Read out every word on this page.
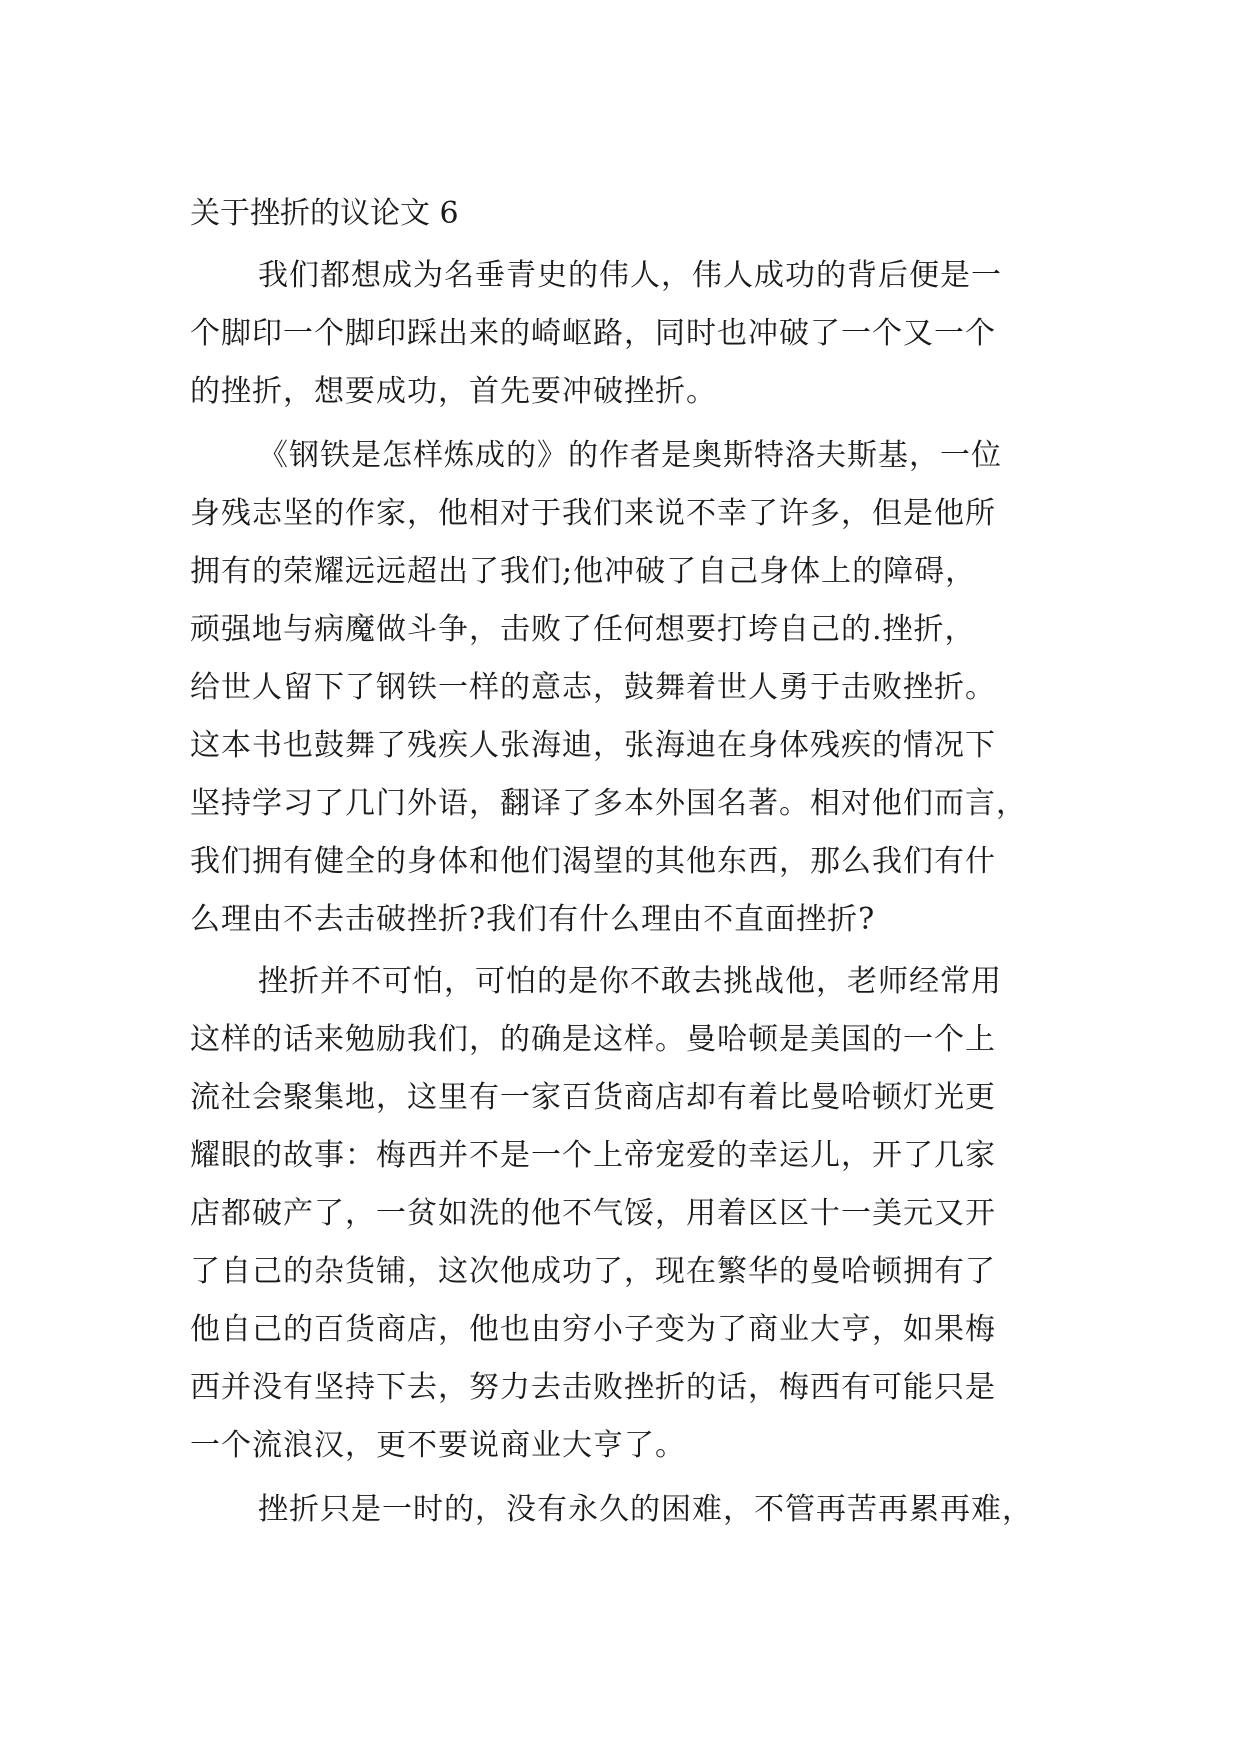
关于挫折的议论文 6
我们都想成为名垂青史的伟人，伟人成功的背后便是一
个脚印一个脚印踩出来的崎岖路，同时也冲破了一个又一个
的挫折，想要成功，首先要冲破挫折。
《钢铁是怎样炼成的》的作者是奥斯特洛夫斯基，一位
身残志坚的作家，他相对于我们来说不幸了许多，但是他所
拥有的荣耀远远超出了我们;他冲破了自己身体上的障碍，
顽强地与病魔做斗争，击败了任何想要打垮自己的.挫折，
给世人留下了钢铁一样的意志，鼓舞着世人勇于击败挫折。
这本书也鼓舞了残疾人张海迪，张海迪在身体残疾的情况下
坚持学习了几门外语，翻译了多本外国名著。相对他们而言，
我们拥有健全的身体和他们渴望的其他东西，那么我们有什
么理由不去击破挫折?我们有什么理由不直面挫折?
挫折并不可怕，可怕的是你不敢去挑战他，老师经常用
这样的话来勉励我们，的确是这样。曼哈顿是美国的一个上
流社会聚集地，这里有一家百货商店却有着比曼哈顿灯光更
耀眼的故事：梅西并不是一个上帝宠爱的幸运儿，开了几家
店都破产了，一贫如洗的他不气馁，用着区区十一美元又开
了自己的杂货铺，这次他成功了，现在繁华的曼哈顿拥有了
他自己的百货商店，他也由穷小子变为了商业大亨，如果梅
西并没有坚持下去，努力去击败挫折的话，梅西有可能只是
一个流浪汉，更不要说商业大亨了。
挫折只是一时的，没有永久的困难，不管再苦再累再难，
